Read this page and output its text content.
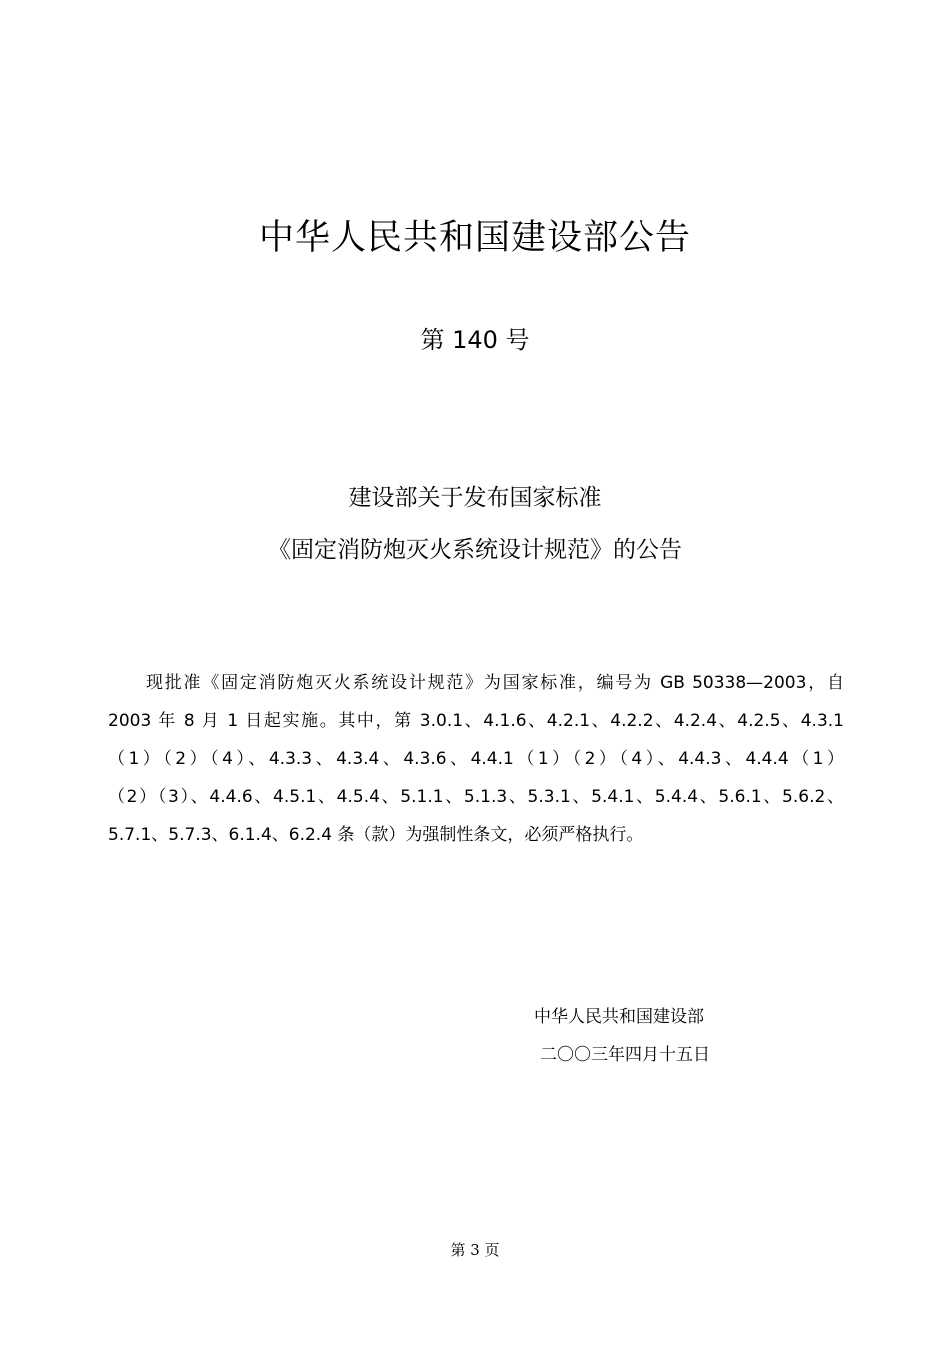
中华人民共和国建设部公告
第 140 号
建设部关于发布国家标准
《固定消防炮灭火系统设计规范》的公告
现批准《固定消防炮灭火系统设计规范》为国家标准，编号为 GB 50338—2003，自
2003 年 8 月 1 日起实施。其中，第 3.0.1、4.1.6、4.2.1、4.2.2、4.2.4、4.2.5、4.3.1
（1）（2）（4）、4.3.3、4.3.4、4.3.6、4.4.1（1）（2）（4）、4.4.3、4.4.4（1）
（2）（3）、4.4.6、4.5.1、4.5.4、5.1.1、5.1.3、5.3.1、5.4.1、5.4.4、5.6.1、5.6.2、
5.7.1、5.7.3、6.1.4、6.2.4 条（款）为强制性条文，必须严格执行。
中华人民共和国建设部
二〇〇三年四月十五日
第 3 页
